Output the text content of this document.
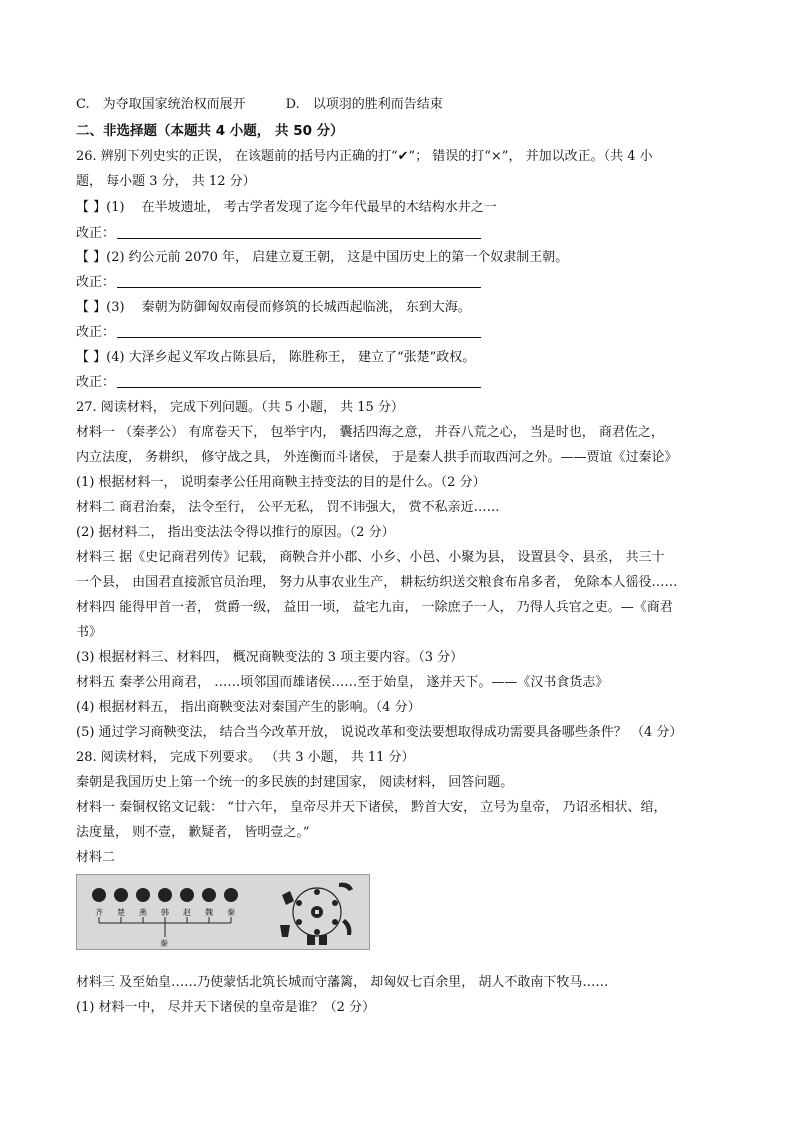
C.　为夺取国家统治权而展开	D.　以项羽的胜利而告结束
二、非选择题（本题共 4 小题， 共 50 分）
26. 辨别下列史实的正误， 在该题前的括号内正确的打“✔”； 错误的打“×”， 并加以改正。（共 4 小
题， 每小题 3 分， 共 12 分）
【 】(1)　 在半坡遗址， 考古学者发现了迄今年代最早的木结构水井之一
改正：
【 】(2) 约公元前 2070 年， 启建立夏王朝， 这是中国历史上的第一个奴隶制王朝。
改正：
【 】(3)　 秦朝为防御匈奴南侵而修筑的长城西起临洮， 东到大海。
改正：
【 】(4) 大泽乡起义军攻占陈县后， 陈胜称王， 建立了“张楚”政权。
改正：
27. 阅读材料， 完成下列问题。（共 5 小题， 共 15 分）
材料一 （秦孝公） 有席卷天下， 包举宇内， 囊括四海之意， 并吞八荒之心， 当是时也， 商君佐之，
内立法度， 务耕织， 修守战之具， 外连衡而斗诸侯， 于是秦人拱手而取西河之外。——贾谊《过秦论》
(1) 根据材料一， 说明秦孝公任用商鞅主持变法的目的是什么。（2 分）
材料二 商君治秦， 法令至行， 公平无私， 罚不讳强大， 赏不私亲近……
(2) 据材料二， 指出变法法令得以推行的原因。（2 分）
材料三 据《史记商君列传》记载， 商鞅合并小郡、小乡、小邑、小聚为县， 设置县令、县丞， 共三十
一个县， 由国君直接派官员治理， 努力从事农业生产， 耕耘纺织送交粮食布帛多者， 免除本人徭役……
材料四 能得甲首一者， 赏爵一级， 益田一顷， 益宅九亩， 一除庶子一人， 乃得人兵官之吏。—《商君
书》
(3) 根据材料三、材料四， 概况商鞅变法的 3 项主要内容。（3 分）
材料五 秦孝公用商君， ……顷邻国而雄诸侯……至于始皇， 遂并天下。——《汉书食货志》
(4) 根据材料五， 指出商鞅变法对秦国产生的影响。（4 分）
(5) 通过学习商鞅变法， 结合当今改革开放， 说说改革和变法要想取得成功需要具备哪些条件？ （4 分）
28. 阅读材料， 完成下列要求。 （共 3 小题， 共 11 分）
秦朝是我国历史上第一个统一的多民族的封建国家， 阅读材料， 回答问题。
材料一 秦铜权铭文记载： “廿六年， 皇帝尽并天下诸侯， 黔首大安， 立号为皇帝， 乃诏丞相状、绾，
法度量， 则不壹， 歉疑者， 皆明壹之。”
材料二
齐 楚 燕 韩 赵 魏 秦
秦
材料三 及至始皇……乃使蒙恬北筑长城而守藩篱， 却匈奴七百余里， 胡人不敢南下牧马……
(1) 材料一中， 尽并天下诸侯的皇帝是谁？（2 分）
